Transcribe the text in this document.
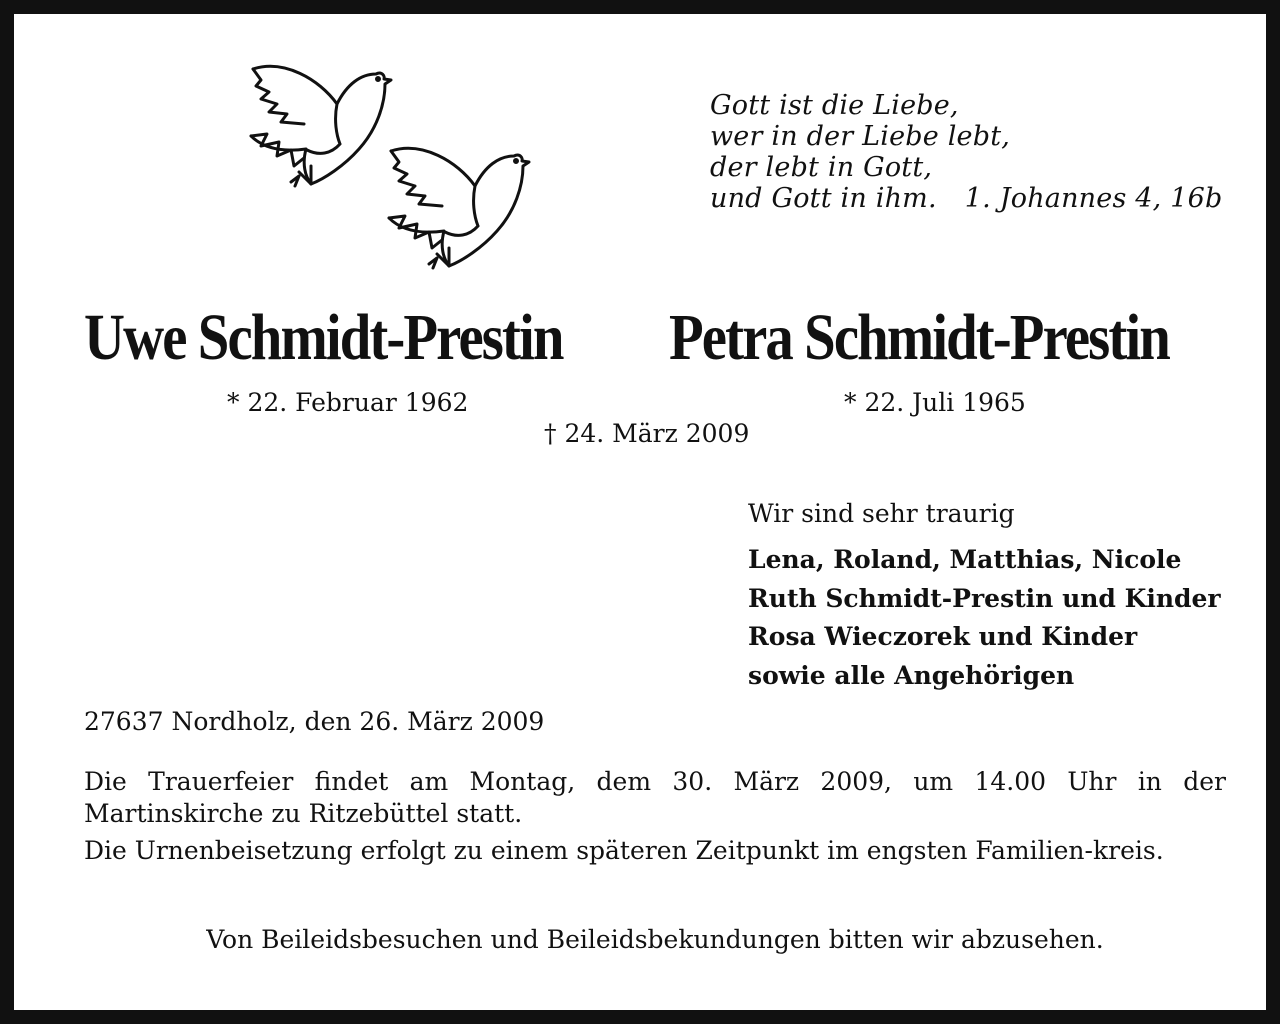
Gott ist die Liebe,
wer in der Liebe lebt,
der lebt in Gott,
und Gott in ihm. 1. Johannes 4, 16b
Uwe Schmidt-Prestin Petra Schmidt-Prestin
* 22. Februar 1962	* 22. Juli 1965
† 24. März 2009
Wir sind sehr traurig
Lena, Roland, Matthias, Nicole
Ruth Schmidt-Prestin und Kinder
Rosa Wieczorek und Kinder
sowie alle Angehörigen
27637 Nordholz, den 26. März 2009
Die Trauerfeier findet am Montag, dem 30. März 2009, um 14.00 Uhr in der Martinskirche zu Ritzebüttel statt.
Die Urnenbeisetzung erfolgt zu einem späteren Zeitpunkt im engsten Familien-kreis.
Von Beileidsbesuchen und Beileidsbekundungen bitten wir abzusehen.
